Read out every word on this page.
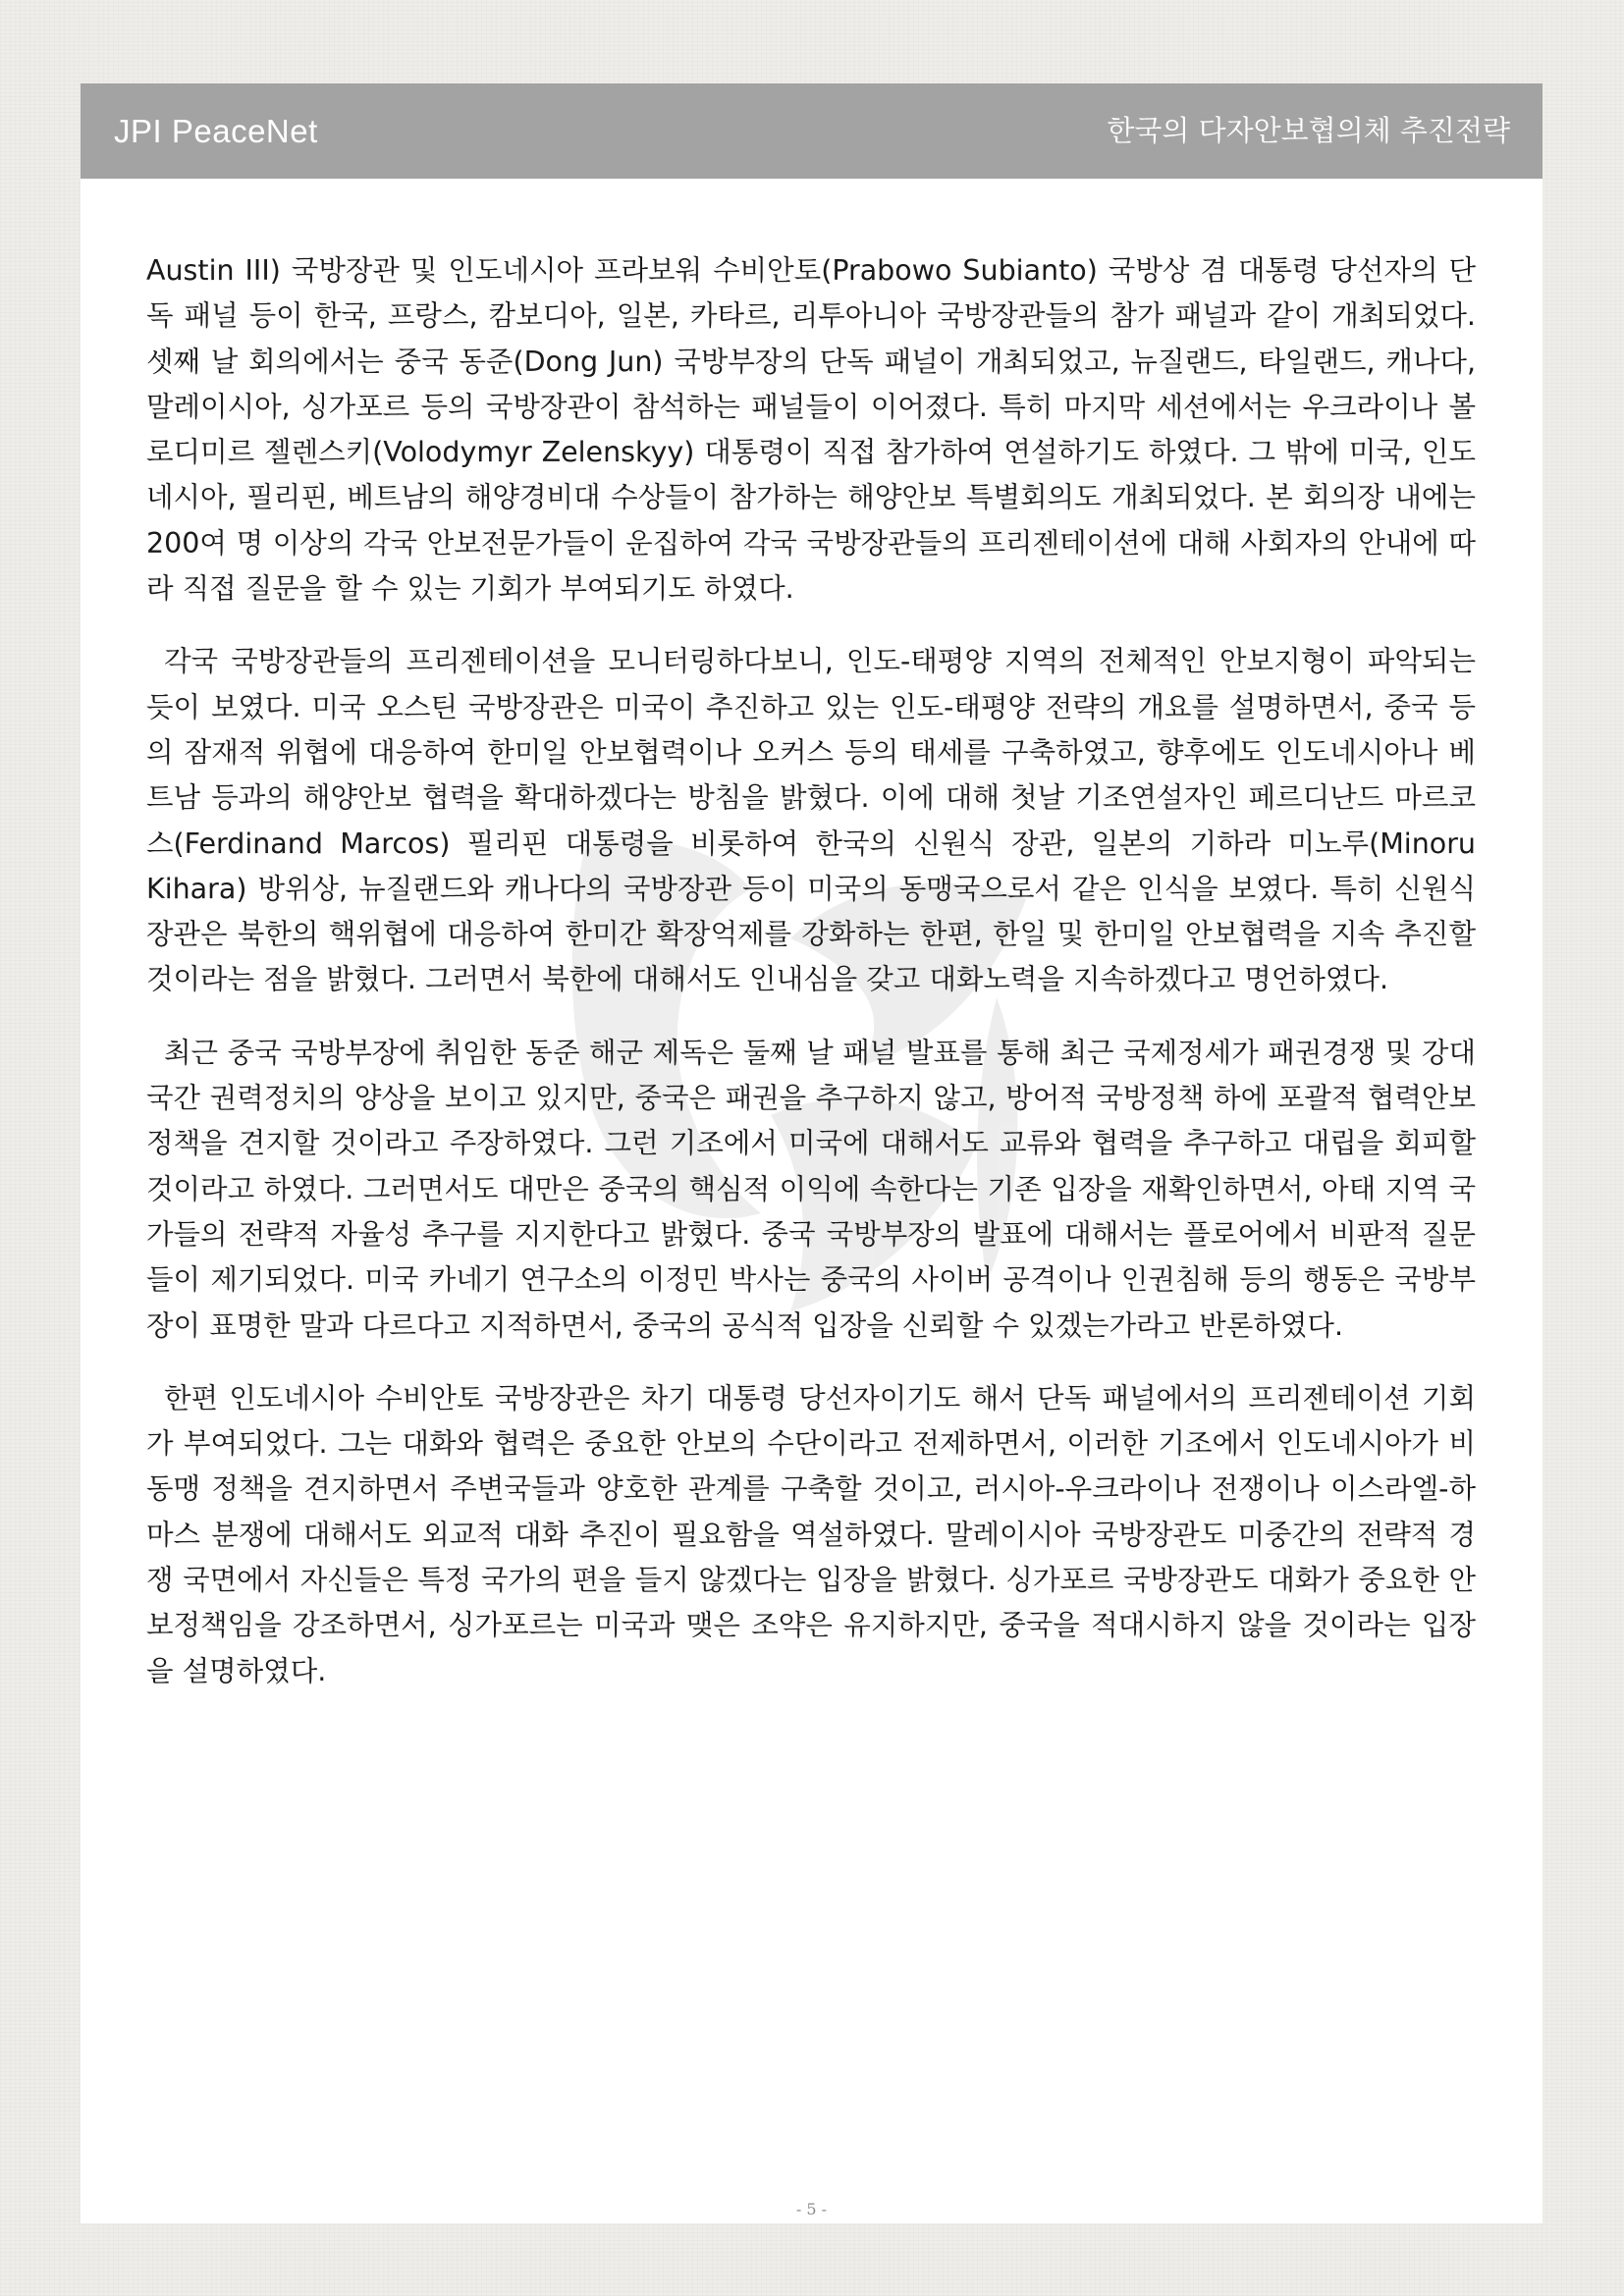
JPI PeaceNet	한국의 다자안보협의체 추진전략

Austin III) 국방장관 및 인도네시아 프라보워 수비안토(Prabowo Subianto) 국방상 겸 대통령 당선자의 단독 패널 등이 한국, 프랑스, 캄보디아, 일본, 카타르, 리투아니아 국방장관들의 참가 패널과 같이 개최되었다. 셋째 날 회의에서는 중국 동준(Dong Jun) 국방부장의 단독 패널이 개최되었고, 뉴질랜드, 타일랜드, 캐나다, 말레이시아, 싱가포르 등의 국방장관이 참석하는 패널들이 이어졌다. 특히 마지막 세션에서는 우크라이나 볼로디미르 젤렌스키(Volodymyr Zelenskyy) 대통령이 직접 참가하여 연설하기도 하였다. 그 밖에 미국, 인도네시아, 필리핀, 베트남의 해양경비대 수상들이 참가하는 해양안보 특별회의도 개최되었다. 본 회의장 내에는 200여 명 이상의 각국 안보전문가들이 운집하여 각국 국방장관들의 프리젠테이션에 대해 사회자의 안내에 따라 직접 질문을 할 수 있는 기회가 부여되기도 하였다.

각국 국방장관들의 프리젠테이션을 모니터링하다보니, 인도-태평양 지역의 전체적인 안보지형이 파악되는 듯이 보였다. 미국 오스틴 국방장관은 미국이 추진하고 있는 인도-태평양 전략의 개요를 설명하면서, 중국 등의 잠재적 위협에 대응하여 한미일 안보협력이나 오커스 등의 태세를 구축하였고, 향후에도 인도네시아나 베트남 등과의 해양안보 협력을 확대하겠다는 방침을 밝혔다. 이에 대해 첫날 기조연설자인 페르디난드 마르코스(Ferdinand Marcos) 필리핀 대통령을 비롯하여 한국의 신원식 장관, 일본의 기하라 미노루(Minoru Kihara) 방위상, 뉴질랜드와 캐나다의 국방장관 등이 미국의 동맹국으로서 같은 인식을 보였다. 특히 신원식 장관은 북한의 핵위협에 대응하여 한미간 확장억제를 강화하는 한편, 한일 및 한미일 안보협력을 지속 추진할 것이라는 점을 밝혔다. 그러면서 북한에 대해서도 인내심을 갖고 대화노력을 지속하겠다고 명언하였다.

최근 중국 국방부장에 취임한 동준 해군 제독은 둘째 날 패널 발표를 통해 최근 국제정세가 패권경쟁 및 강대국간 권력정치의 양상을 보이고 있지만, 중국은 패권을 추구하지 않고, 방어적 국방정책 하에 포괄적 협력안보 정책을 견지할 것이라고 주장하였다. 그런 기조에서 미국에 대해서도 교류와 협력을 추구하고 대립을 회피할 것이라고 하였다. 그러면서도 대만은 중국의 핵심적 이익에 속한다는 기존 입장을 재확인하면서, 아태 지역 국가들의 전략적 자율성 추구를 지지한다고 밝혔다. 중국 국방부장의 발표에 대해서는 플로어에서 비판적 질문들이 제기되었다. 미국 카네기 연구소의 이정민 박사는 중국의 사이버 공격이나 인권침해 등의 행동은 국방부장이 표명한 말과 다르다고 지적하면서, 중국의 공식적 입장을 신뢰할 수 있겠는가라고 반론하였다.

한편 인도네시아 수비안토 국방장관은 차기 대통령 당선자이기도 해서 단독 패널에서의 프리젠테이션 기회가 부여되었다. 그는 대화와 협력은 중요한 안보의 수단이라고 전제하면서, 이러한 기조에서 인도네시아가 비동맹 정책을 견지하면서 주변국들과 양호한 관계를 구축할 것이고, 러시아-우크라이나 전쟁이나 이스라엘-하마스 분쟁에 대해서도 외교적 대화 추진이 필요함을 역설하였다. 말레이시아 국방장관도 미중간의 전략적 경쟁 국면에서 자신들은 특정 국가의 편을 들지 않겠다는 입장을 밝혔다. 싱가포르 국방장관도 대화가 중요한 안보정책임을 강조하면서, 싱가포르는 미국과 맺은 조약은 유지하지만, 중국을 적대시하지 않을 것이라는 입장을 설명하였다.

- 5 -
